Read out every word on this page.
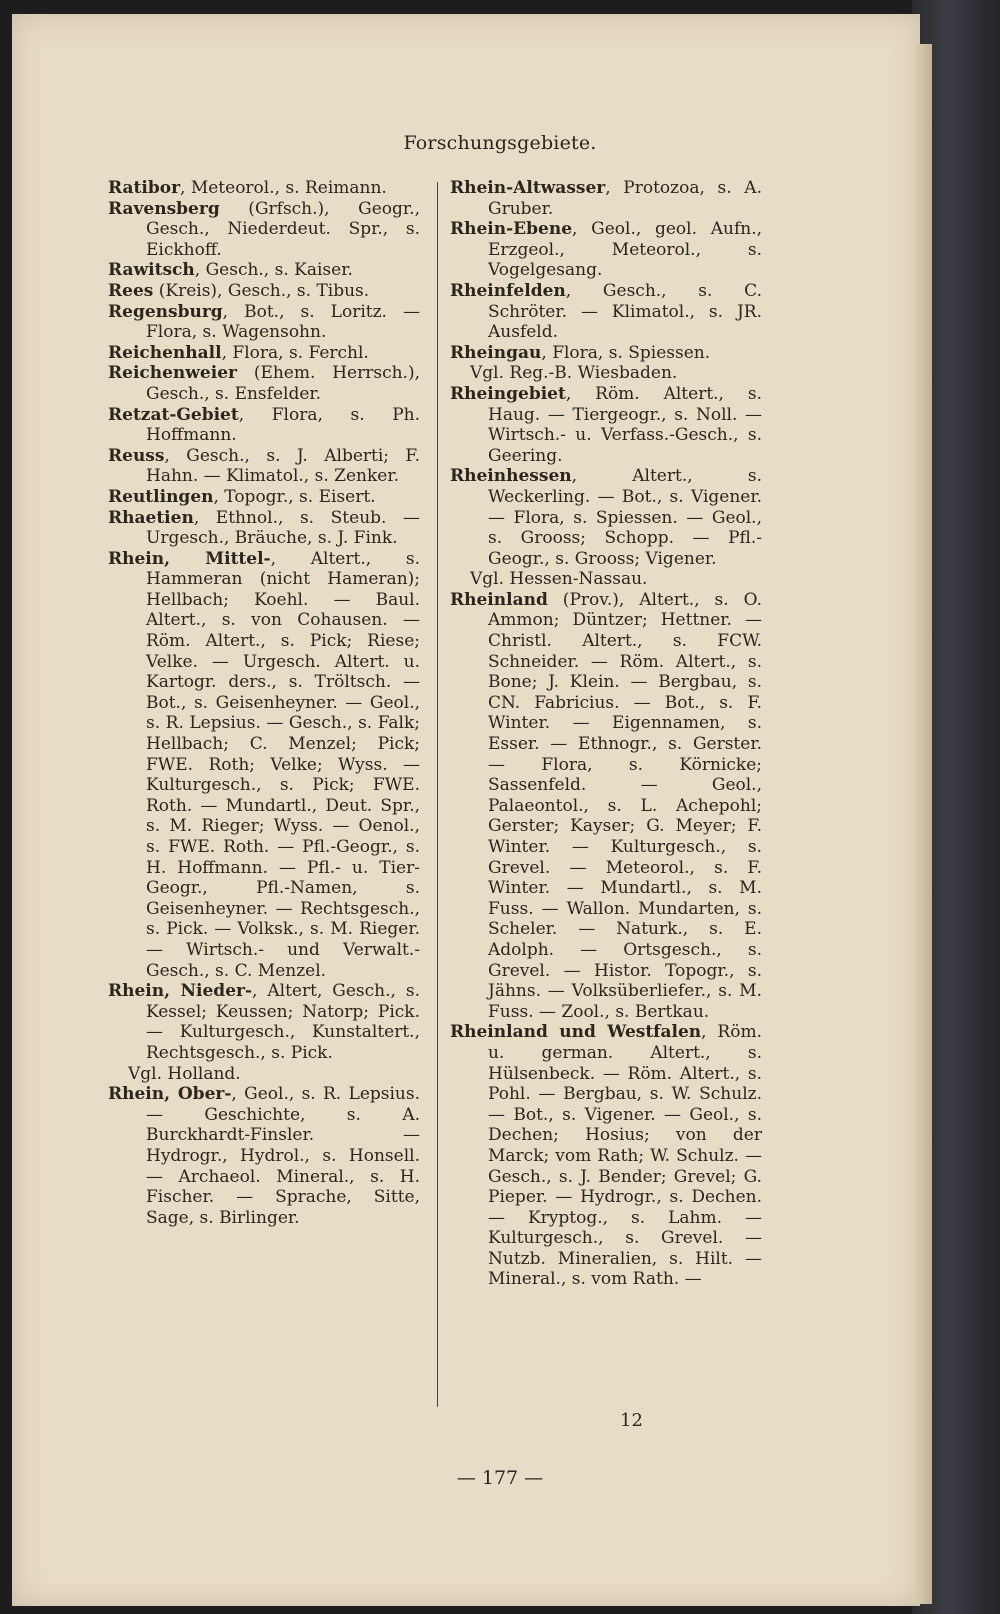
Forschungsgebiete.

Ratibor, Meteorol., s. Reimann.

Ravensberg (Grfsch.), Geogr., Gesch., Niederdeut. Spr., s. Eickhoff.

Rawitsch, Gesch., s. Kaiser.

Rees (Kreis), Gesch., s. Tibus.

Regensburg, Bot., s. Loritz. — Flora, s. Wagensohn.

Reichenhall, Flora, s. Ferchl.

Reichenweier (Ehem. Herrsch.), Gesch., s. Ensfelder.

Retzat-Gebiet, Flora, s. Ph. Hoffmann.

Reuss, Gesch., s. J. Alberti; F. Hahn. — Klimatol., s. Zenker.

Reutlingen, Topogr., s. Eisert.

Rhaetien, Ethnol., s. Steub. — Urgesch., Bräuche, s. J. Fink.

Rhein, Mittel-, Altert., s. Hammeran (nicht Hameran); Hellbach; Koehl. — Baul. Altert., s. von Cohausen. — Röm. Altert., s. Pick; Riese; Velke. — Urgesch. Altert. u. Kartogr. ders., s. Tröltsch. — Bot., s. Geisenheyner. — Geol., s. R. Lepsius. — Gesch., s. Falk; Hellbach; C. Menzel; Pick; FWE. Roth; Velke; Wyss. — Kulturgesch., s. Pick; FWE. Roth. — Mundartl., Deut. Spr., s. M. Rieger; Wyss. — Oenol., s. FWE. Roth. — Pfl.-Geogr., s. H. Hoffmann. — Pfl.- u. Tier-Geogr., Pfl.-Namen, s. Geisenheyner. — Rechtsgesch., s. Pick. — Volksk., s. M. Rieger. — Wirtsch.- und Verwalt.-Gesch., s. C. Menzel.

Rhein, Nieder-, Altert, Gesch., s. Kessel; Keussen; Natorp; Pick. — Kulturgesch., Kunstaltert., Rechtsgesch., s. Pick.

Vgl. Holland.

Rhein, Ober-, Geol., s. R. Lepsius. — Geschichte, s. A. Burckhardt-Finsler. — Hydrogr., Hydrol., s. Honsell. — Archaeol. Mineral., s. H. Fischer. — Sprache, Sitte, Sage, s. Birlinger.

Rhein-Altwasser, Protozoa, s. A. Gruber.

Rhein-Ebene, Geol., geol. Aufn., Erzgeol., Meteorol., s. Vogelgesang.

Rheinfelden, Gesch., s. C. Schröter. — Klimatol., s. JR. Ausfeld.

Rheingau, Flora, s. Spiessen.

Vgl. Reg.-B. Wiesbaden.

Rheingebiet, Röm. Altert., s. Haug. — Tiergeogr., s. Noll. — Wirtsch.- u. Verfass.-Gesch., s. Geering.

Rheinhessen, Altert., s. Weckerling. — Bot., s. Vigener. — Flora, s. Spiessen. — Geol., s. Grooss; Schopp. — Pfl.-Geogr., s. Grooss; Vigener.

Vgl. Hessen-Nassau.

Rheinland (Prov.), Altert., s. O. Ammon; Düntzer; Hettner. — Christl. Altert., s. FCW. Schneider. — Röm. Altert., s. Bone; J. Klein. — Bergbau, s. CN. Fabricius. — Bot., s. F. Winter. — Eigennamen, s. Esser. — Ethnogr., s. Gerster. — Flora, s. Körnicke; Sassenfeld. — Geol., Palaeontol., s. L. Achepohl; Gerster; Kayser; G. Meyer; F. Winter. — Kulturgesch., s. Grevel. — Meteorol., s. F. Winter. — Mundartl., s. M. Fuss. — Wallon. Mundarten, s. Scheler. — Naturk., s. E. Adolph. — Ortsgesch., s. Grevel. — Histor. Topogr., s. Jähns. — Volksüberliefer., s. M. Fuss. — Zool., s. Bertkau.

Rheinland und Westfalen, Röm. u. german. Altert., s. Hülsenbeck. — Röm. Altert., s. Pohl. — Bergbau, s. W. Schulz. — Bot., s. Vigener. — Geol., s. Dechen; Hosius; von der Marck; vom Rath; W. Schulz. — Gesch., s. J. Bender; Grevel; G. Pieper. — Hydrogr., s. Dechen. — Kryptog., s. Lahm. — Kulturgesch., s. Grevel. — Nutzb. Mineralien, s. Hilt. — Mineral., s. vom Rath. —

12
— 177 —
